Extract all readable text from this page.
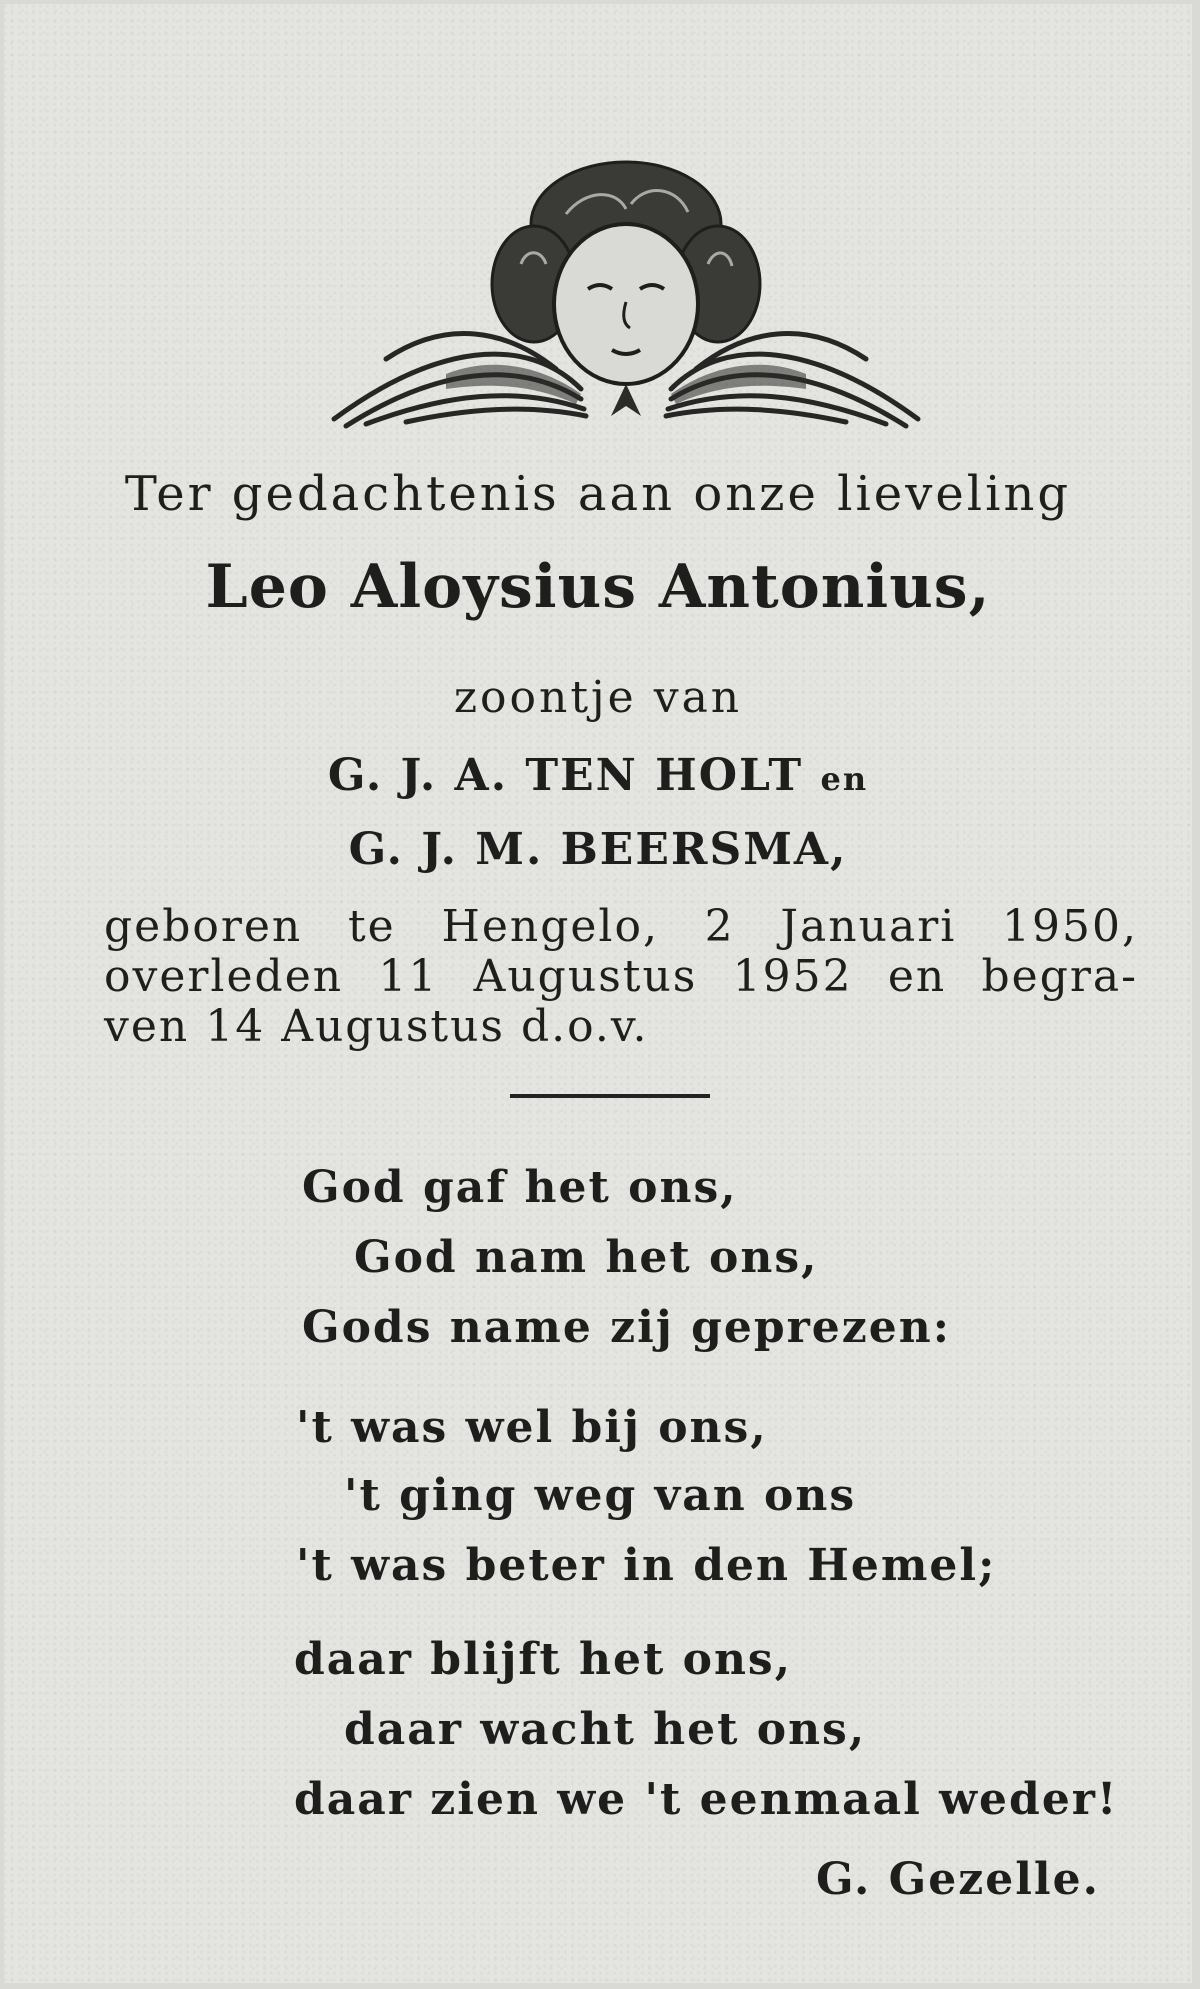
Ter gedachtenis aan onze lieveling
Leo Aloysius Antonius,
zoontje van
G. J. A. TEN HOLT en
G. J. M. BEERSMA,
geboren te Hengelo, 2 Januari 1950,
overleden 11 Augustus 1952 en begra-
ven 14 Augustus d.o.v.
God gaf het ons,
God nam het ons,
Gods name zij geprezen:
't was wel bij ons,
't ging weg van ons
't was beter in den Hemel;
daar blijft het ons,
daar wacht het ons,
daar zien we 't eenmaal weder!
G. Gezelle.
